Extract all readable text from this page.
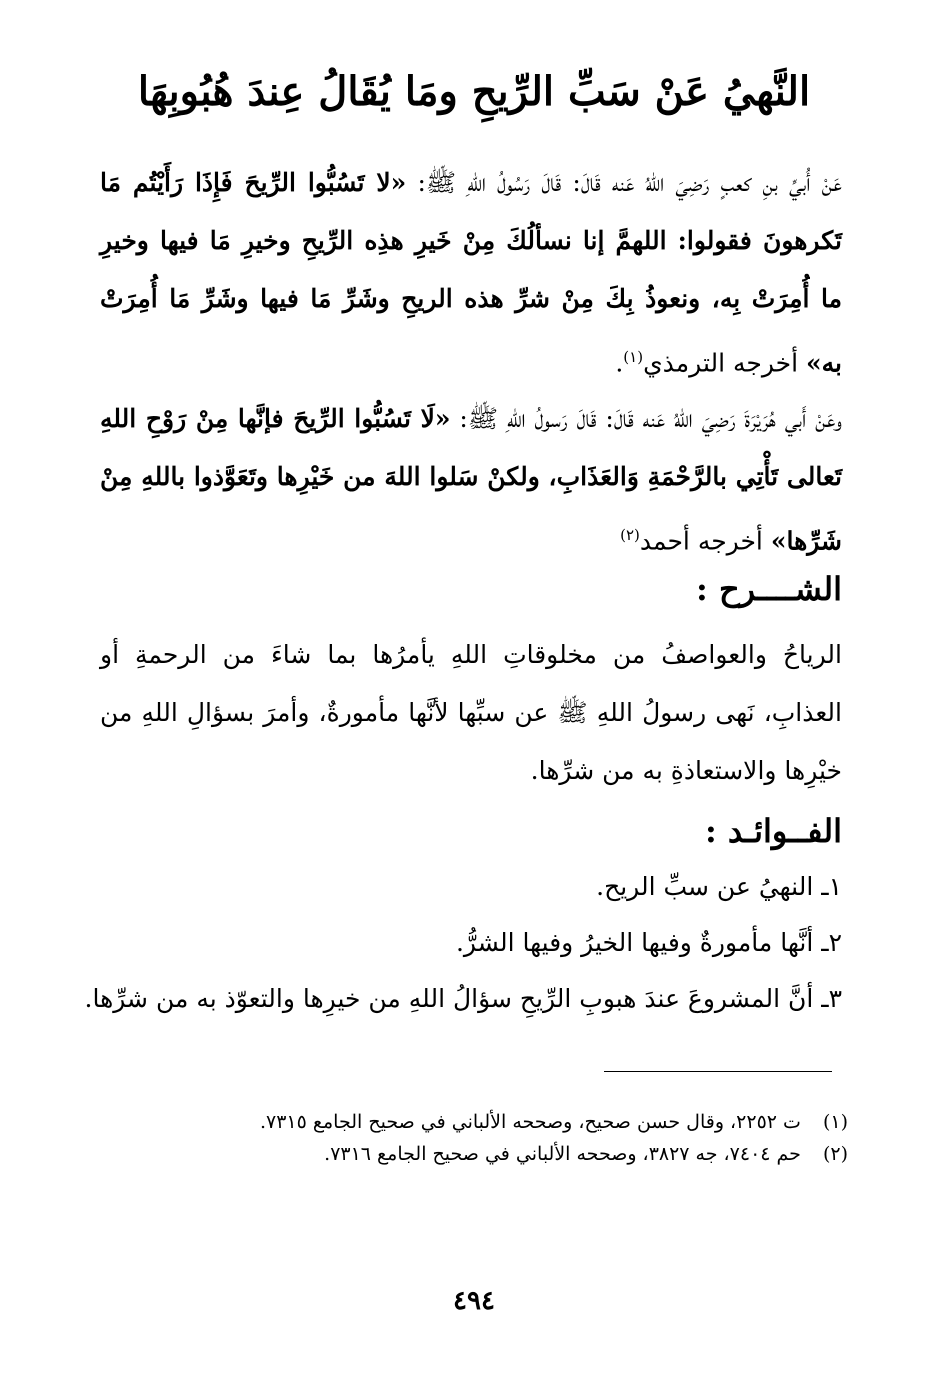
النَّهيُ عَنْ سَبِّ الرِّيحِ ومَا يُقَالُ عِندَ هُبُوبِهَا

عَنْ أُبيِّ بنِ كعبٍ رَضِيَ اللهُ عَنه قَالَ: قَالَ رَسُولُ اللهِ ﷺ: «لا تَسُبُّوا الرِّيحَ فَإِذَا رَأَيْتُم مَا تَكرهونَ فقولوا: اللهمَّ إنا نسألُكَ مِنْ خَيرِ هذِه الرِّيحِ وخيرِ مَا فيها وخيرِ ما أُمِرَتْ بِه، ونعوذُ بِكَ مِنْ شرِّ هذه الريحِ وشَرِّ مَا فيها وشَرِّ مَا أُمِرَتْ به» أخرجه الترمذي$^{(١)}$.

وعَنْ أَبي هُرَيْرَةَ رَضِيَ اللهُ عَنه قَالَ: قَالَ رَسولُ اللهِ ﷺ: «لَا تَسُبُّوا الرِّيحَ فإنَّها مِنْ رَوْحِ اللهِ تَعالى تَأْتِي بالرَّحْمَةِ وَالعَذَابِ، ولكنْ سَلوا اللهَ من خَيْرِها وتَعَوَّذوا باللهِ مِنْ شَرِّها» أخرجه أحمد$^{(٢)}$

الشــــرح :

الرياحُ والعواصفُ من مخلوقاتِ اللهِ يأمرُها بما شاءَ من الرحمةِ أو العذابِ، نَهى رسولُ اللهِ ﷺ عن سبِّها لأنَّها مأمورةٌ، وأمرَ بسؤالِ اللهِ من خيْرِها والاستعاذةِ به من شرِّها.

الفــوائـد :
١ـ النهيُ عن سبِّ الريح.
٢ـ أنَّها مأمورةٌ وفيها الخيرُ وفيها الشرُّ.
٣ـ أنَّ المشروعَ عندَ هبوبِ الرِّيحِ سؤالُ اللهِ من خيرِها والتعوّذ به من شرِّها.
(١)ت ٢٢٥٢، وقال حسن صحيح، وصححه الألباني في صحيح الجامع ٧٣١٥.
(٢)حم ٧٤٠٤، جه ٣٨٢٧، وصححه الألباني في صحيح الجامع ٧٣١٦.
٤٩٤
